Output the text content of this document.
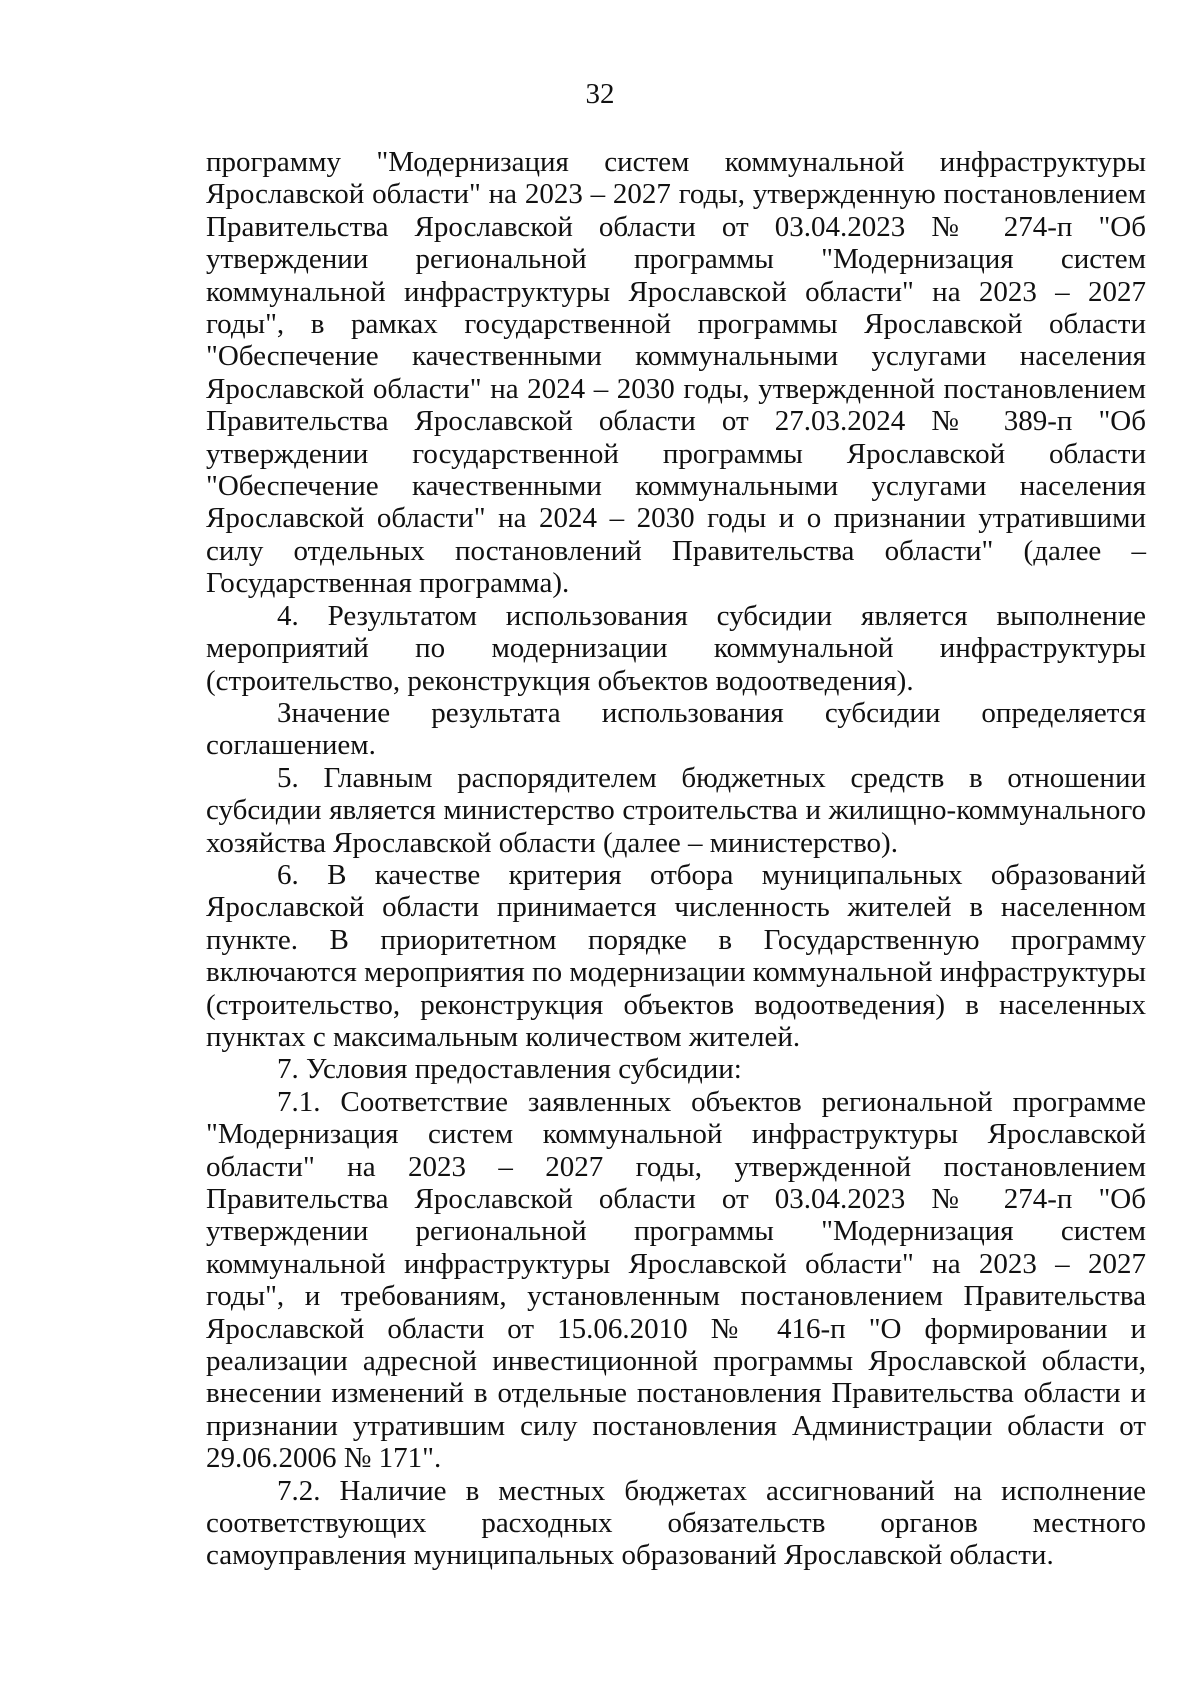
32

программу "Модернизация систем коммунальной инфраструктуры Ярославской области" на 2023 – 2027 годы, утвержденную постановлением Правительства Ярославской области от 03.04.2023 № 274-п "Об утверждении региональной программы "Модернизация систем коммунальной инфраструктуры Ярославской области" на 2023 – 2027 годы", в рамках государственной программы Ярославской области "Обеспечение качественными коммунальными услугами населения Ярославской области" на 2024 – 2030 годы, утвержденной постановлением Правительства Ярославской области от 27.03.2024 № 389-п "Об утверждении государственной программы Ярославской области "Обеспечение качественными коммунальными услугами населения Ярославской области" на 2024 – 2030 годы и о признании утратившими силу отдельных постановлений Правительства области" (далее – Государственная программа).

4. Результатом использования субсидии является выполнение мероприятий по модернизации коммунальной инфраструктуры (строительство, реконструкция объектов водоотведения).

Значение результата использования субсидии определяется соглашением.

5. Главным распорядителем бюджетных средств в отношении субсидии является министерство строительства и жилищно-коммунального хозяйства Ярославской области (далее – министерство).

6. В качестве критерия отбора муниципальных образований Ярославской области принимается численность жителей в населенном пункте. В приоритетном порядке в Государственную программу включаются мероприятия по модернизации коммунальной инфраструктуры (строительство, реконструкция объектов водоотведения) в населенных пунктах с максимальным количеством жителей.

7. Условия предоставления субсидии:

7.1. Соответствие заявленных объектов региональной программе "Модернизация систем коммунальной инфраструктуры Ярославской области" на 2023 – 2027 годы, утвержденной постановлением Правительства Ярославской области от 03.04.2023 № 274-п "Об утверждении региональной программы "Модернизация систем коммунальной инфраструктуры Ярославской области" на 2023 – 2027 годы", и требованиям, установленным постановлением Правительства Ярославской области от 15.06.2010 № 416-п "О формировании и реализации адресной инвестиционной программы Ярославской области, внесении изменений в отдельные постановления Правительства области и признании утратившим силу постановления Администрации области от 29.06.2006 № 171".

7.2. Наличие в местных бюджетах ассигнований на исполнение соответствующих расходных обязательств органов местного самоуправления муниципальных образований Ярославской области.
